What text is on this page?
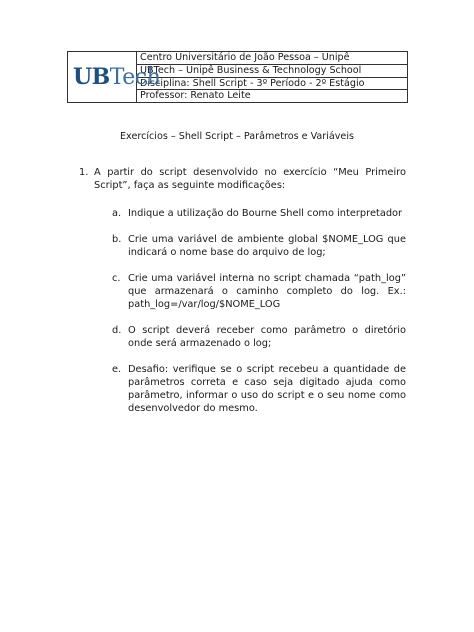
UBTech
Centro Universitário de João Pessoa – Unipê
UBTech – Unipê Business & Technology School
Disciplina: Shell Script - 3º Período - 2º Estágio
Professor: Renato Leite
Exercícios – Shell Script – Parâmetros e Variáveis
1. A partir do script desenvolvido no exercício “Meu Primeiro Script”, faça as seguinte modificações:
a. Indique a utilização do Bourne Shell como interpretador
b. Crie uma variável de ambiente global $NOME_LOG que indicará o nome base do arquivo de log;
c. Crie uma variável interna no script chamada “path_log” que armazenará o caminho completo do log. Ex.: path_log=/var/log/$NOME_LOG
d. O script deverá receber como parâmetro o diretório onde será armazenado o log;
e. Desafio: verifique se o script recebeu a quantidade de parâmetros correta e caso seja digitado ajuda como parâmetro, informar o uso do script e o seu nome como desenvolvedor do mesmo.
